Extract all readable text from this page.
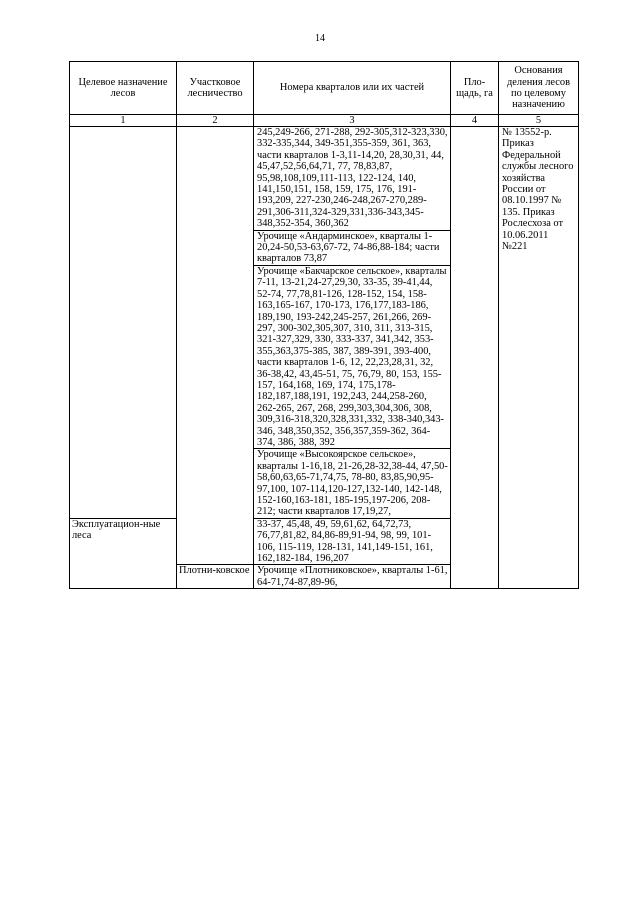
14
Целевое назначение лесов	Участковое лесничество	Номера кварталов или их частей	Пло-щадь, га	Основания деления лесов по целевому назначению
1	2	3	4	5
		245,249-266, 271-288, 292-305,312-323,330, 332-335,344, 349-351,355-359, 361, 363, части кварталов 1-3,11-14,20, 28,30,31, 44, 45,47,52,56,64,71, 77, 78,83,87, 95,98,108,109,111-113, 122-124, 140, 141,150,151, 158, 159, 175, 176, 191-193,209, 227-230,246-248,267-270,289-291,306-311,324-329,331,336-343,345-348,352-354, 360,362		№ 13552-р. Приказ Федеральной службы лесного хозяйства России от 08.10.1997 № 135. Приказ Рослесхоза от 10.06.2011 №221
		Урочище «Андарминское», кварталы 1-20,24-50,53-63,67-72, 74-86,88-184; части кварталов 73,87		
		Урочище «Бакчарское сельское», кварталы 7-11, 13-21,24-27,29,30, 33-35, 39-41,44, 52-74, 77,78,81-126, 128-152, 154, 158-163,165-167, 170-173, 176,177,183-186, 189,190, 193-242,245-257, 261,266, 269-297, 300-302,305,307, 310, 311, 313-315, 321-327,329, 330, 333-337, 341,342, 353-355,363,375-385, 387, 389-391, 393-400, части кварталов 1-6, 12, 22,23,28,31, 32, 36-38,42, 43,45-51, 75, 76,79, 80, 153, 155-157, 164,168, 169, 174, 175,178-182,187,188,191, 192,243, 244,258-260, 262-265, 267, 268, 299,303,304,306, 308, 309,316-318,320,328,331,332, 338-340,343-346, 348,350,352, 356,357,359-362, 364-374, 386, 388, 392		
		Урочище «Высокоярское сельское», кварталы 1-16,18, 21-26,28-32,38-44, 47,50-58,60,63,65-71,74,75, 78-80, 83,85,90,95-97,100, 107-114,120-127,132-140, 142-148, 152-160,163-181, 185-195,197-206, 208-212; части кварталов 17,19,27,		
Эксплуатацион-ные леса		33-37, 45,48, 49, 59,61,62, 64,72,73, 76,77,81,82, 84,86-89,91-94, 98, 99, 101-106, 115-119, 128-131, 141,149-151, 161, 162,182-184, 196,207		
	Плотни-ковское	Урочище «Плотниковское», кварталы 1-61, 64-71,74-87,89-96,		
